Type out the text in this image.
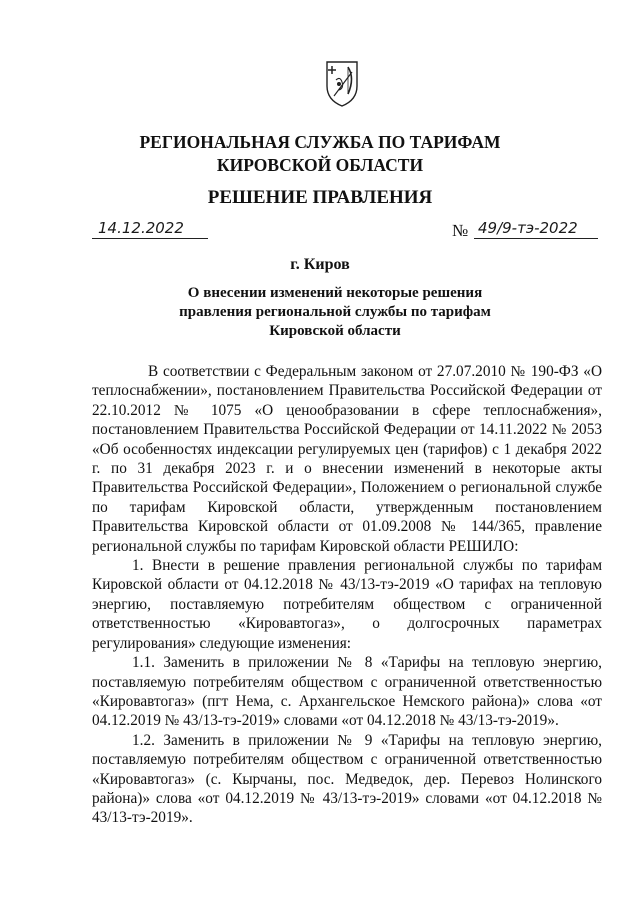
РЕГИОНАЛЬНАЯ СЛУЖБА ПО ТАРИФАМ
КИРОВСКОЙ ОБЛАСТИ
РЕШЕНИЕ ПРАВЛЕНИЯ
14.12.2022	№ 49/9-тэ-2022
г. Киров
О внесении изменений некоторые решения
правления региональной службы по тарифам
Кировской области

В соответствии с Федеральным законом от 27.07.2010 № 190-ФЗ «О теплоснабжении», постановлением Правительства Российской Федерации от 22.10.2012 № 1075 «О ценообразовании в сфере теплоснабжения», постановлением Правительства Российской Федерации от 14.11.2022 № 2053 «Об особенностях индексации регулируемых цен (тарифов) с 1 декабря 2022 г. по 31 декабря 2023 г. и о внесении изменений в некоторые акты Правительства Российской Федерации», Положением о региональной службе по тарифам Кировской области, утвержденным постановлением Правительства Кировской области от 01.09.2008 № 144/365, правление региональной службы по тарифам Кировской области РЕШИЛО:

1. Внести в решение правления региональной службы по тарифам Кировской области от 04.12.2018 № 43/13-тэ-2019 «О тарифах на тепловую энергию, поставляемую потребителям обществом с ограниченной ответственностью «Кировавтогаз», о долгосрочных параметрах регулирования» следующие изменения:

1.1. Заменить в приложении № 8 «Тарифы на тепловую энергию, поставляемую потребителям обществом с ограниченной ответственностью «Кировавтогаз» (пгт Нема, с. Архангельское Немского района)» слова «от 04.12.2019 № 43/13-тэ-2019» словами «от 04.12.2018 № 43/13-тэ-2019».

1.2. Заменить в приложении № 9 «Тарифы на тепловую энергию, поставляемую потребителям обществом с ограниченной ответственностью «Кировавтогаз» (с. Кырчаны, пос. Медведок, дер. Перевоз Нолинского района)» слова «от 04.12.2019 № 43/13-тэ-2019» словами «от 04.12.2018 № 43/13-тэ-2019».
